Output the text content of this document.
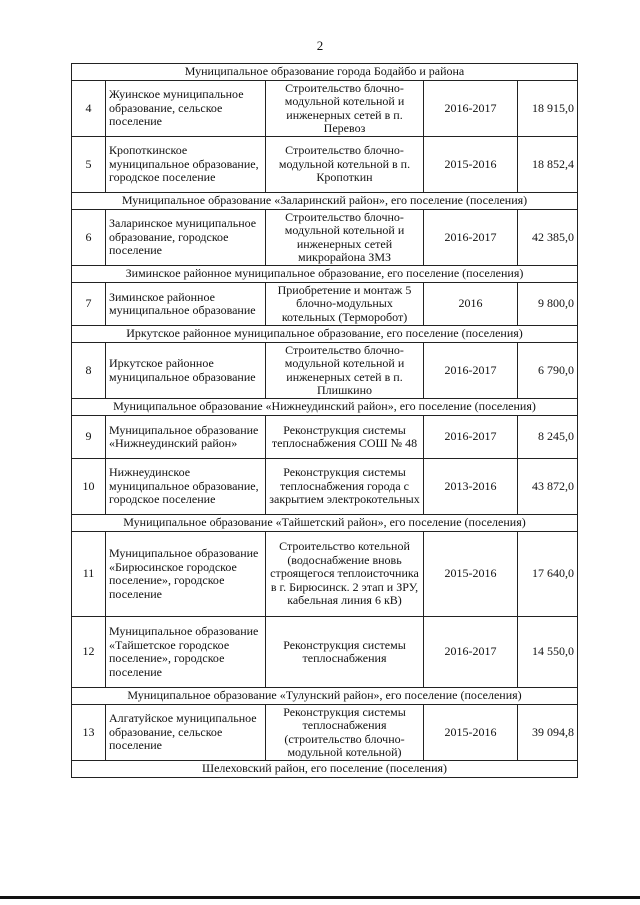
2
Муниципальное образование города Бодайбо и района				
4	Жуинское муниципальное образование, сельское поселение	Строительство блочно-модульной котельной и инженерных сетей в п. Перевоз	2016-2017	18 915,0
5	Кропоткинское муниципальное образование, городское поселение	Строительство блочно-модульной котельной в п. Кропоткин	2015-2016	18 852,4
Муниципальное образование «Заларинский район», его поселение (поселения)				
6	Заларинское муниципальное образование, городское поселение	Строительство блочно-модульной котельной и инженерных сетей микрорайона ЗМЗ	2016-2017	42 385,0
Зиминское районное муниципальное образование, его поселение (поселения)				
7	Зиминское районное муниципальное образование	Приобретение и монтаж 5 блочно-модульных котельных (Терморобот)	2016	9 800,0
Иркутское районное муниципальное образование, его поселение (поселения)				
8	Иркутское районное муниципальное образование	Строительство блочно-модульной котельной и инженерных сетей в п. Плишкино	2016-2017	6 790,0
Муниципальное образование «Нижнеудинский район», его поселение (поселения)				
9	Муниципальное образование «Нижнеудинский район»	Реконструкция системы теплоснабжения СОШ № 48	2016-2017	8 245,0
10	Нижнеудинское муниципальное образование, городское поселение	Реконструкция системы теплоснабжения города с закрытием электрокотельных	2013-2016	43 872,0
Муниципальное образование «Тайшетский район», его поселение (поселения)				
11	Муниципальное образование «Бирюсинское городское поселение», городское поселение	Строительство котельной (водоснабжение вновь строящегося теплоисточника в г. Бирюсинск. 2 этап и ЗРУ, кабельная линия 6 кВ)	2015-2016	17 640,0
12	Муниципальное образование «Тайшетское городское поселение», городское поселение	Реконструкция системы теплоснабжения	2016-2017	14 550,0
Муниципальное образование «Тулунский район», его поселение (поселения)				
13	Алгатуйское муниципальное образование, сельское поселение	Реконструкция системы теплоснабжения (строительство блочно-модульной котельной)	2015-2016	39 094,8
Шелеховский район, его поселение (поселения)				
